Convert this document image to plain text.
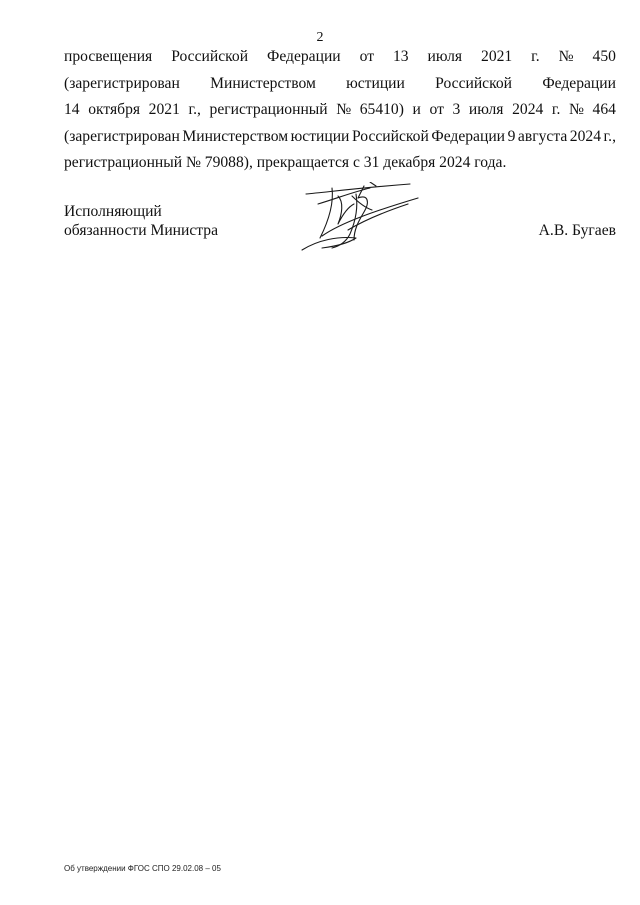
2
просвещения Российской Федерации от 13 июля 2021 г. № 450
(зарегистрирован Министерством юстиции Российской Федерации
14 октября 2021 г., регистрационный № 65410) и от 3 июля 2024 г. № 464
(зарегистрирован Министерством юстиции Российской Федерации 9 августа 2024 г.,
регистрационный № 79088), прекращается с 31 декабря 2024 года.
Исполняющий
обязанности Министра	А.В. Бугаев
Об утверждении ФГОС СПО 29.02.08 – 05
